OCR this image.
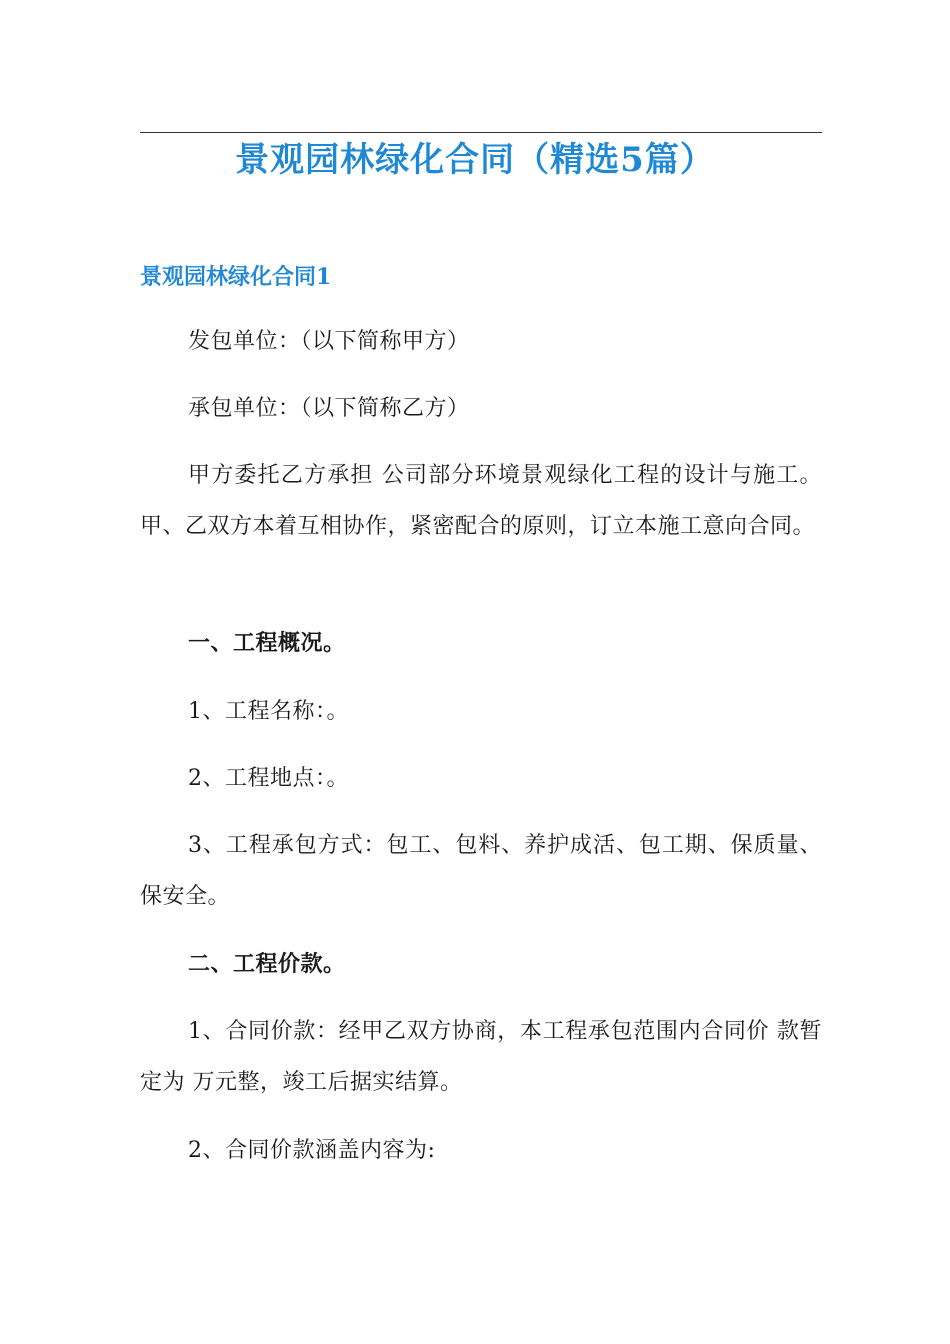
景观园林绿化合同（精选5篇）
景观园林绿化合同1

发包单位：（以下简称甲方）

承包单位：（以下简称乙方）

甲方委托乙方承担 公司部分环境景观绿化工程的设计与施工。甲、乙双方本着互相协作，紧密配合的原则，订立本施工意向合同。

一、工程概况。

1、工程名称：。

2、工程地点：。

3、工程承包方式：包工、包料、养护成活、包工期、保质量、保安全。

二、工程价款。

1、合同价款：经甲乙双方协商，本工程承包范围内合同价 款暂定为 万元整，竣工后据实结算。

2、合同价款涵盖内容为:
